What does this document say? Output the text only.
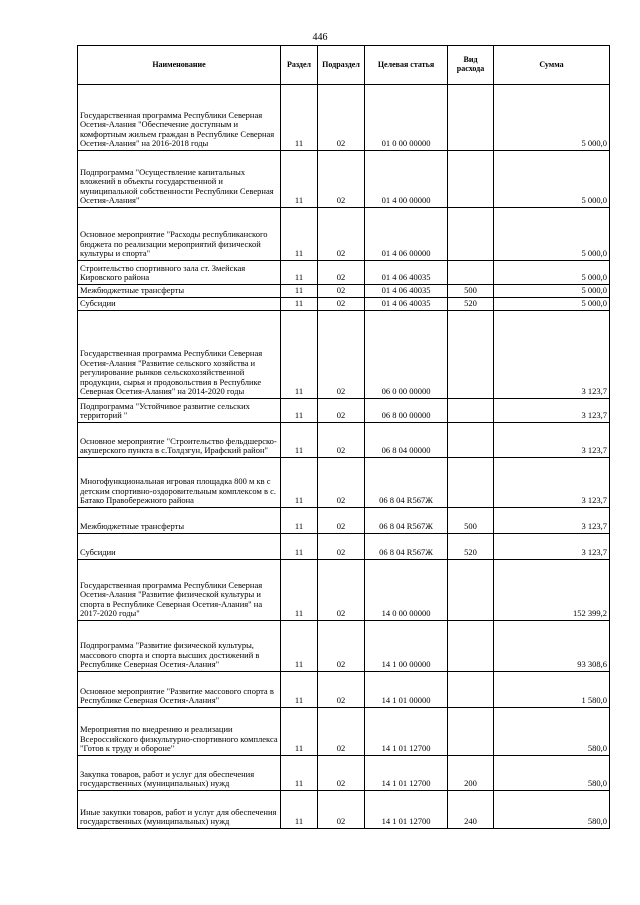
446
Наименование	Раздел	Подраздел	Целевая статья	Вид расхода	Сумма
Государственная программа Республики Северная Осетия-Алания "Обеспечение доступным и комфортным жильем граждан в Республике Северная Осетия-Алания" на 2016-2018 годы	11	02	01 0 00 00000		5 000,0
Подпрограмма "Осуществление капитальных вложений в объекты государственной и муниципальной собственности Республики Северная Осетия-Алания"	11	02	01 4 00 00000		5 000,0
Основное мероприятие "Расходы республиканского бюджета по реализации мероприятий физической культуры и спорта"	11	02	01 4 06 00000		5 000,0
Строительство спортивного зала ст. Змейская Кировского района	11	02	01 4 06 40035		5 000,0
Межбюджетные трансферты	11	02	01 4 06 40035	500	5 000,0
Субсидии	11	02	01 4 06 40035	520	5 000,0
Государственная программа Республики Северная Осетия-Алания "Развитие сельского хозяйства и регулирование рынков сельскохозяйственной продукции, сырья и продовольствия в Республике Северная Осетия-Алания" на 2014-2020 годы	11	02	06 0 00 00000		3 123,7
Подпрограмма "Устойчивое развитие сельских территорий "	11	02	06 8 00 00000		3 123,7
Основное мероприятие "Строительство фельдшерско-акушерского пункта в с.Толдзгун, Ирафский район"	11	02	06 8 04 00000		3 123,7
Многофункциональная игровая площадка 800 м кв с детским спортивно-оздоровительным комплексом в с. Батако Правобережного района	11	02	06 8 04 R567Ж		3 123,7
Межбюджетные трансферты	11	02	06 8 04 R567Ж	500	3 123,7
Субсидии	11	02	06 8 04 R567Ж	520	3 123,7
Государственная программа Республики Северная Осетия-Алания "Развитие физической культуры и спорта в Республике Северная Осетия-Алания" на 2017-2020 годы"	11	02	14 0 00 00000		152 399,2
Подпрограмма "Развитие физической культуры, массового спорта и спорта высших достижений в Республике Северная Осетия-Алания"	11	02	14 1 00 00000		93 308,6
Основное мероприятие "Развитие массового спорта в Республике Северная Осетия-Алания"	11	02	14 1 01 00000		1 580,0
Мероприятия по внедрению и реализации Всероссийского физкультурно-спортивного комплекса "Готов к труду и обороне"	11	02	14 1 01 12700		580,0
Закупка товаров, работ и услуг для обеспечения государственных (муниципальных) нужд	11	02	14 1 01 12700	200	580,0
Иные закупки товаров, работ и услуг для обеспечения государственных (муниципальных) нужд	11	02	14 1 01 12700	240	580,0
